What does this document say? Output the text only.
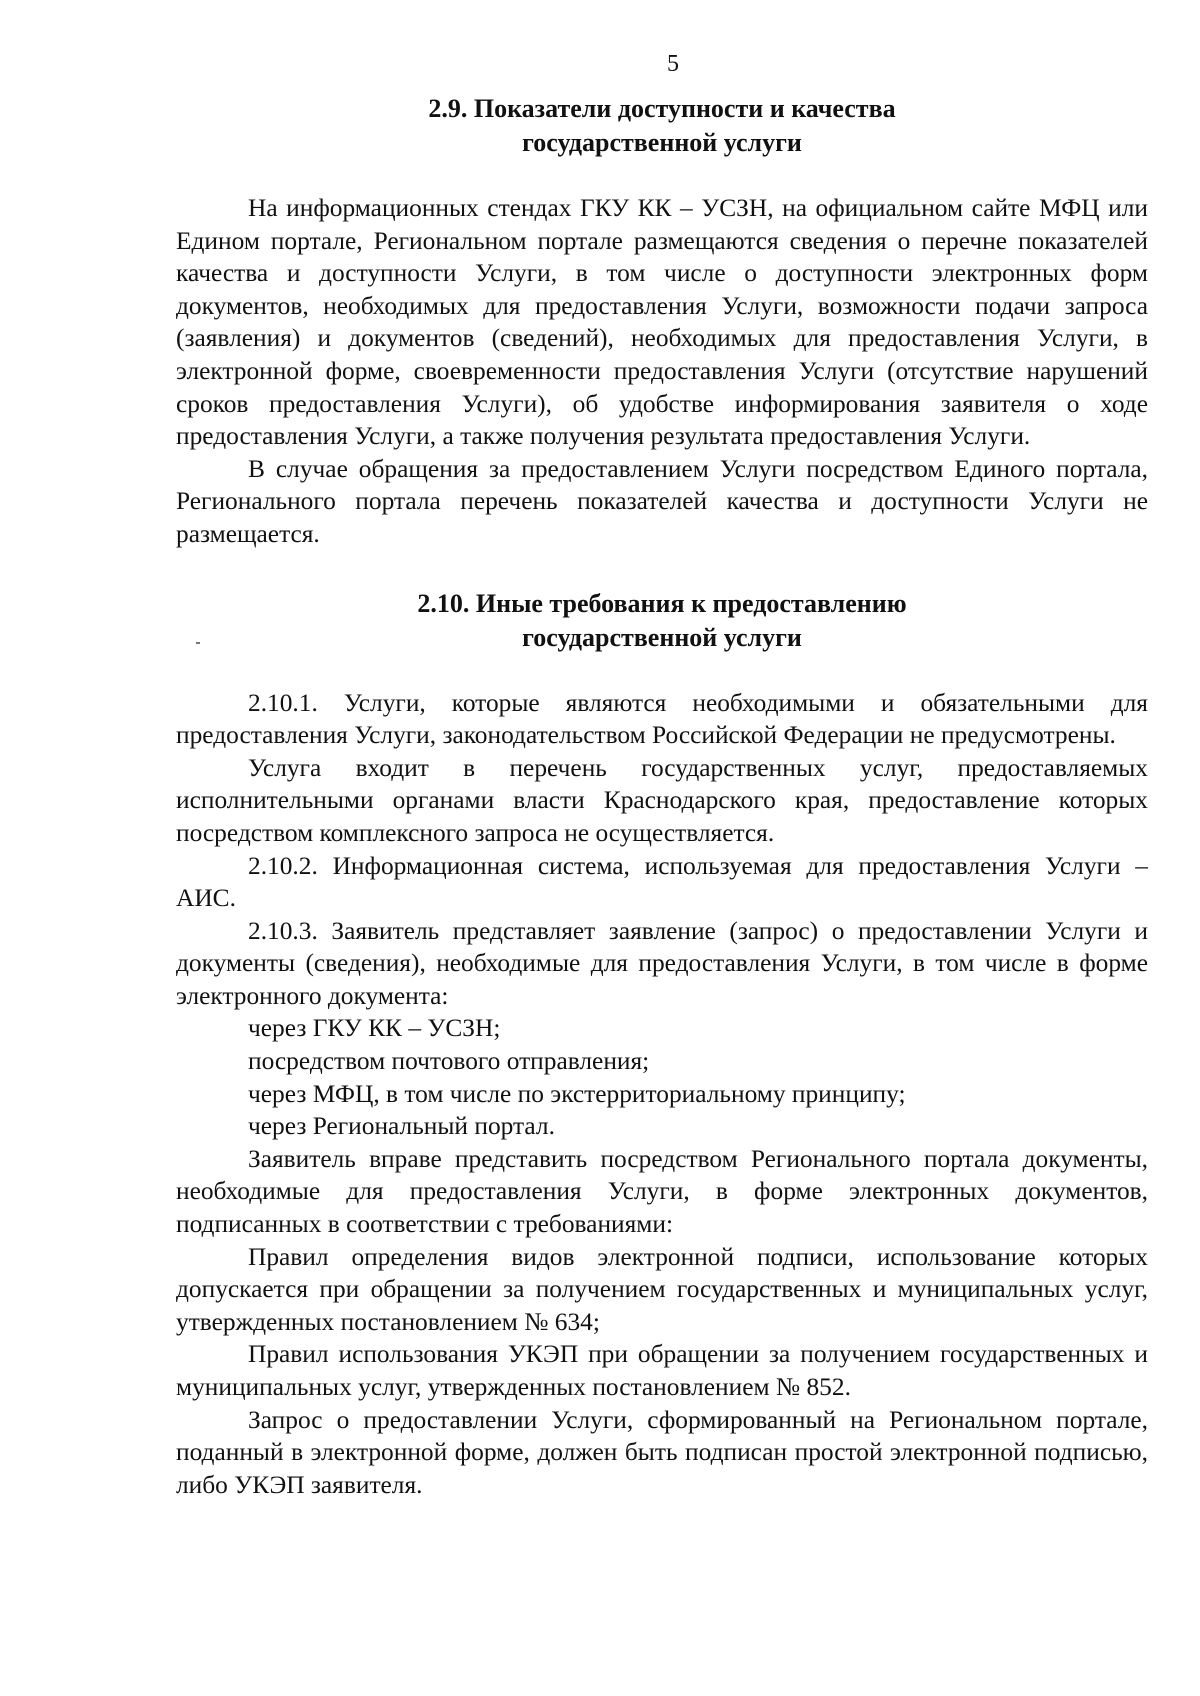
5
2.9. Показатели доступности и качества
государственной услуги

На информационных стендах ГКУ КК – УСЗН, на официальном сайте МФЦ или Едином портале, Региональном портале размещаются сведения о перечне показателей качества и доступности Услуги, в том числе о доступности электронных форм документов, необходимых для предоставления Услуги, возможности подачи запроса (заявления) и документов (сведений), необходимых для предоставления Услуги, в электронной форме, своевременности предоставления Услуги (отсутствие нарушений сроков предоставления Услуги), об удобстве информирования заявителя о ходе предоставления Услуги, а также получения результата предоставления Услуги.

В случае обращения за предоставлением Услуги посредством Единого портала, Регионального портала перечень показателей качества и доступности Услуги не размещается.

2.10. Иные требования к предоставлению
государственной услуги

2.10.1. Услуги, которые являются необходимыми и обязательными для предоставления Услуги, законодательством Российской Федерации не предусмотрены.

Услуга входит в перечень государственных услуг, предоставляемых исполнительными органами власти Краснодарского края, предоставление которых посредством комплексного запроса не осуществляется.

2.10.2. Информационная система, используемая для предоставления Услуги – АИС.

2.10.3. Заявитель представляет заявление (запрос) о предоставлении Услуги и документы (сведения), необходимые для предоставления Услуги, в том числе в форме электронного документа:

через ГКУ КК – УСЗН;

посредством почтового отправления;

через МФЦ, в том числе по экстерриториальному принципу;

через Региональный портал.

Заявитель вправе представить посредством Регионального портала документы, необходимые для предоставления Услуги, в форме электронных документов, подписанных в соответствии с требованиями:

Правил определения видов электронной подписи, использование которых допускается при обращении за получением государственных и муниципальных услуг, утвержденных постановлением № 634;

Правил использования УКЭП при обращении за получением государственных и муниципальных услуг, утвержденных постановлением № 852.

Запрос о предоставлении Услуги, сформированный на Региональном портале, поданный в электронной форме, должен быть подписан простой электронной подписью, либо УКЭП заявителя.
